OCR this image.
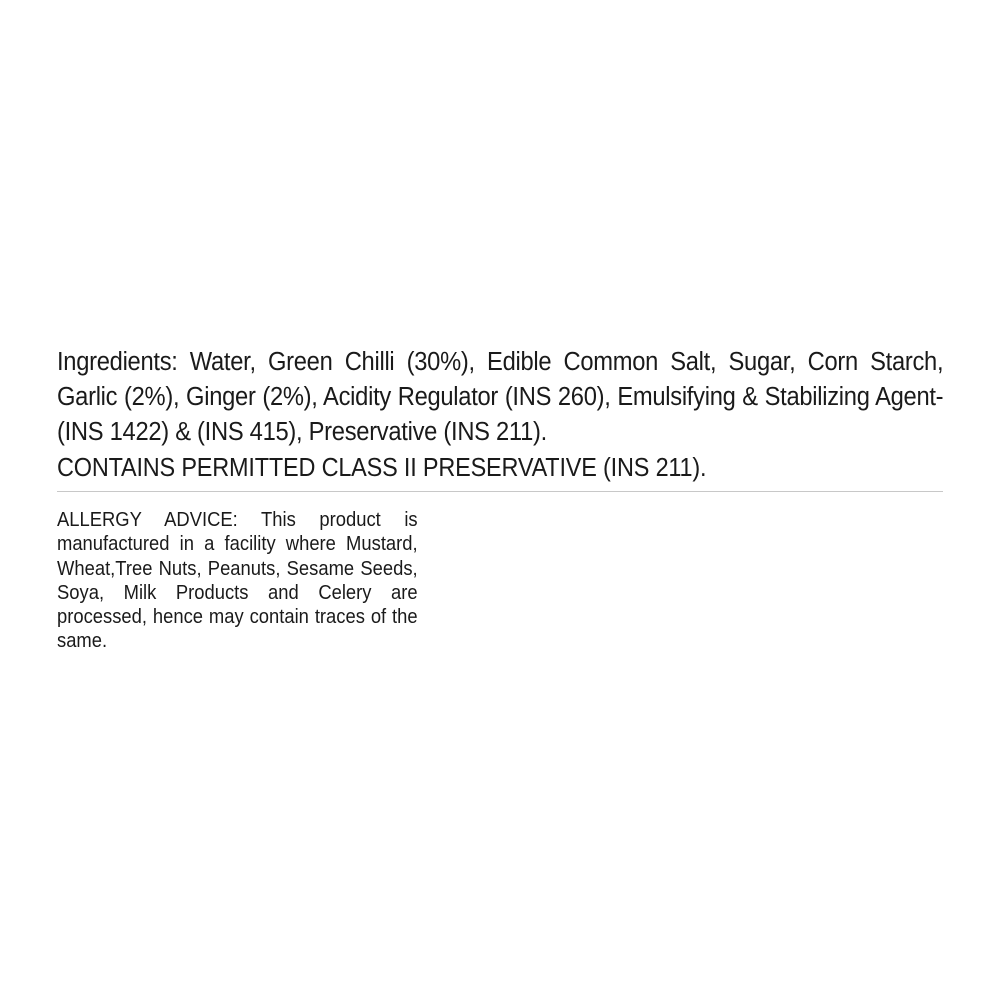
Ingredients: Water, Green Chilli (30%), Edible Common Salt, Sugar, Corn Starch, Garlic (2%), Ginger (2%), Acidity Regulator (INS 260), Emulsifying & Stabilizing Agent- (INS 1422) & (INS 415), Preservative (INS 211).

CONTAINS PERMITTED CLASS II PRESERVATIVE (INS 211).

ALLERGY ADVICE: This product is manufactured in a facility where Mustard, Wheat,Tree Nuts, Peanuts, Sesame Seeds, Soya, Milk Products and Celery are processed, hence may contain traces of the same.
